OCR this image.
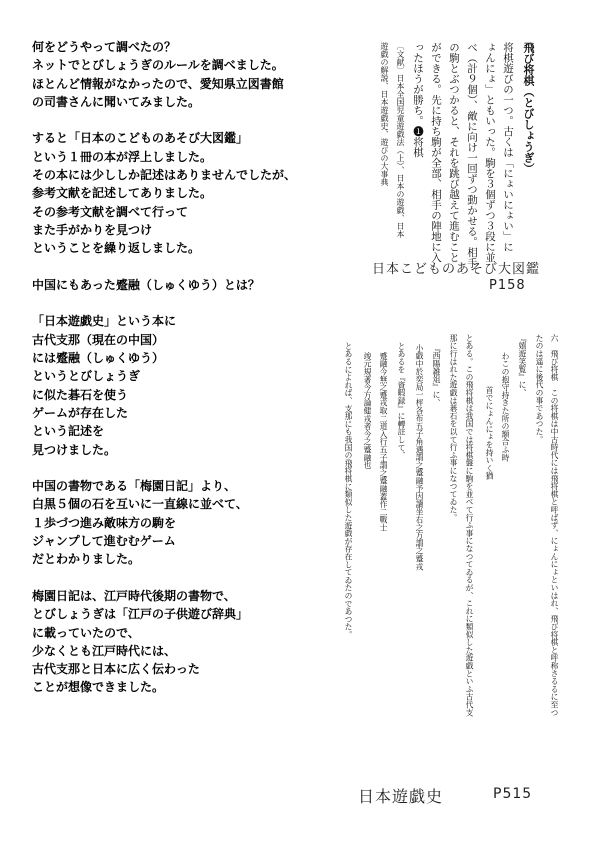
何をどうやって調べたの？
ネットでとびしょうぎのルールを調べました。
ほとんど情報がなかったので、愛知県立図書館
の司書さんに聞いてみました。
すると「日本のこどものあそび大図鑑」
という１冊の本が浮上しました。
その本には少ししか記述はありませんでしたが、
参考文献を記述してありました。
その参考文献を調べて行って
また手がかりを見つけ
ということを繰り返しました。
中国にもあった蹙融（しゅくゆう）とは？
「日本遊戯史」という本に
古代支那（現在の中国）
には蹙融（しゅくゆう）
というとびしょうぎ
に似た碁石を使う
ゲームが存在した
という記述を
見つけました。
中国の書物である「梅園日記」より、
白黒５個の石を互いに一直線に並べて、
１歩づつ進み敵味方の駒を
ジャンプして進むむゲーム
だとわかりました。
梅園日記は、江戸時代後期の書物で、
とびしょうぎは「江戸の子供遊び辞典」
に載っていたので、
少なくとも江戸時代には、
古代支那と日本に広く伝わった
ことが想像できました。
飛び将棋（とびしょうぎ）
将棋遊びの一つ。古くは「にょいにょい」に
ょんにょ」ともいった。駒を３個ずつ３段に並
べ（計９個）、敵に向け一回ずつ動かせる。相手
の駒とぶつかると、それを跳び越えて進むこと
ができる。先に持ち駒が全部、相手の陣地に入
ったほうが勝ち。❶将棋
〔文献〕日本全国児童遊戯法（上）、日本の遊戯、日本
遊戯の解説、日本遊戯史、遊びの大事典
日本こどものあそび大図鑑
P158
六　飛び将棋　この将棋は中古時代には飛将棋と呼ばず、にょんにょといはれ、飛び将棋と呼称さるるに至つ
たのは遥に後代の事であつた。
『嬉遊笑覧』に、
わこの抱守持きた所の額合ふ時
首でにょんにょを持いく猶
とある。この飛将棋は我国では将棋盤に駒を並べて行ふ事になつてゐるが、これに類似した遊戯といふ古代支
那に行はれた遊戯は碁石を以て行ふ事になつてゐた。
『西陽雑俎』に、
小戯中於奕局一枰各布五子角遇謂之蹙融予因讀坐右之方謂之蹙戎
とあるを『資暇録』に轉註して、
蹙融今無之蹙戎取二道入行五子謂之蹙融蓋作二戰士
竣元規著今方論健戎者今之蹙融也
とあるによれば、支那にも我国の飛将棋に類似した遊戯が存在してゐたのであつた。
日本遊戯史	P515
